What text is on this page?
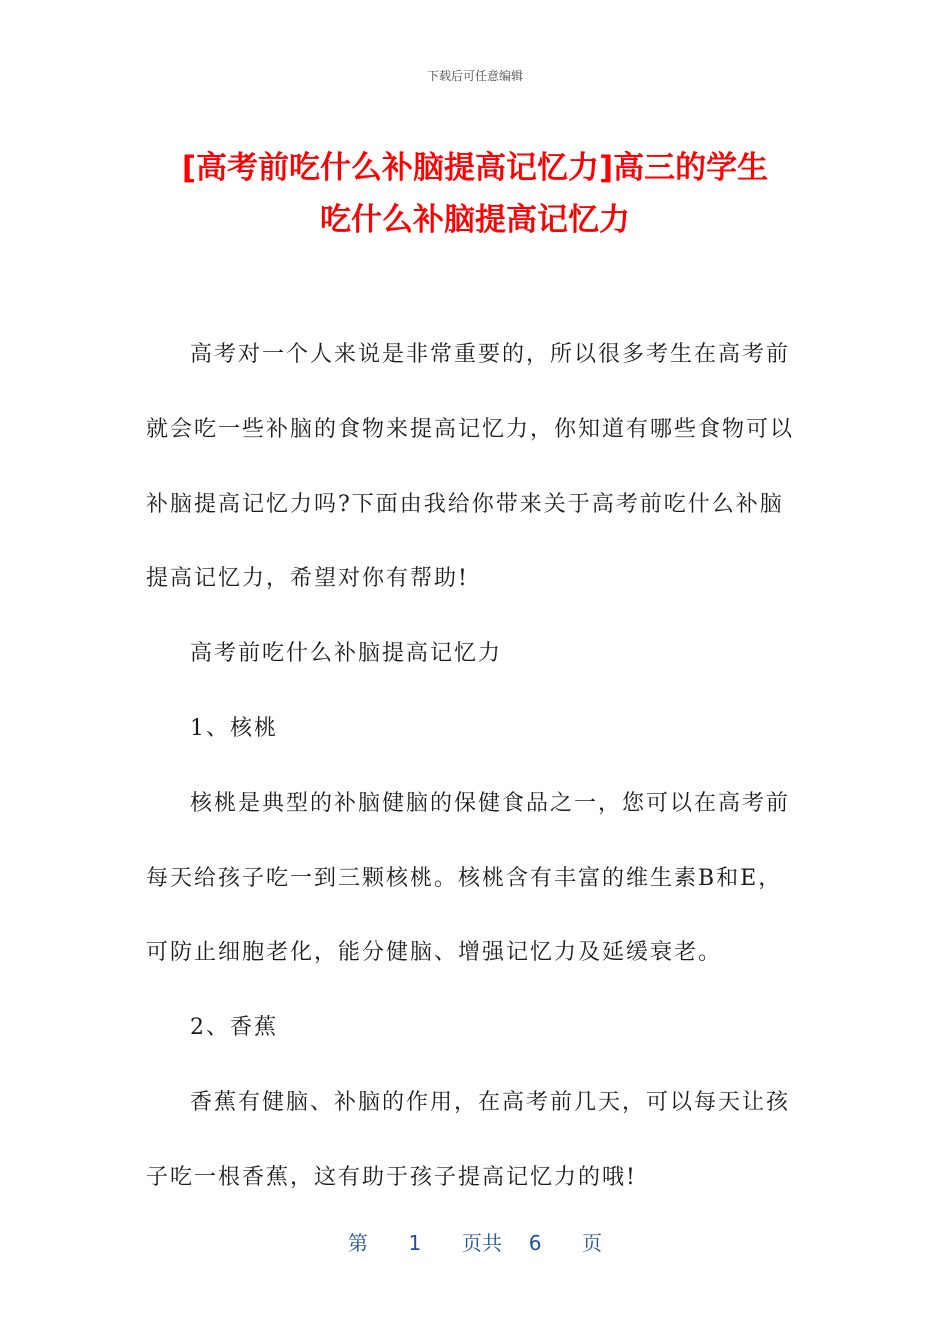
下载后可任意编辑
[高考前吃什么补脑提高记忆力]高三的学生
吃什么补脑提高记忆力

高考对一个人来说是非常重要的，所以很多考生在高考前就会吃一些补脑的食物来提高记忆力，你知道有哪些食物可以补脑提高记忆力吗?下面由我给你带来关于高考前吃什么补脑提高记忆力，希望对你有帮助!

高考前吃什么补脑提高记忆力

1、核桃

核桃是典型的补脑健脑的保健食品之一，您可以在高考前每天给孩子吃一到三颗核桃。核桃含有丰富的维生素B和E，可防止细胞老化，能分健脑、增强记忆力及延缓衰老。

2、香蕉

香蕉有健脑、补脑的作用，在高考前几天，可以每天让孩子吃一根香蕉，这有助于孩子提高记忆力的哦!

第 1 页共 6 页
